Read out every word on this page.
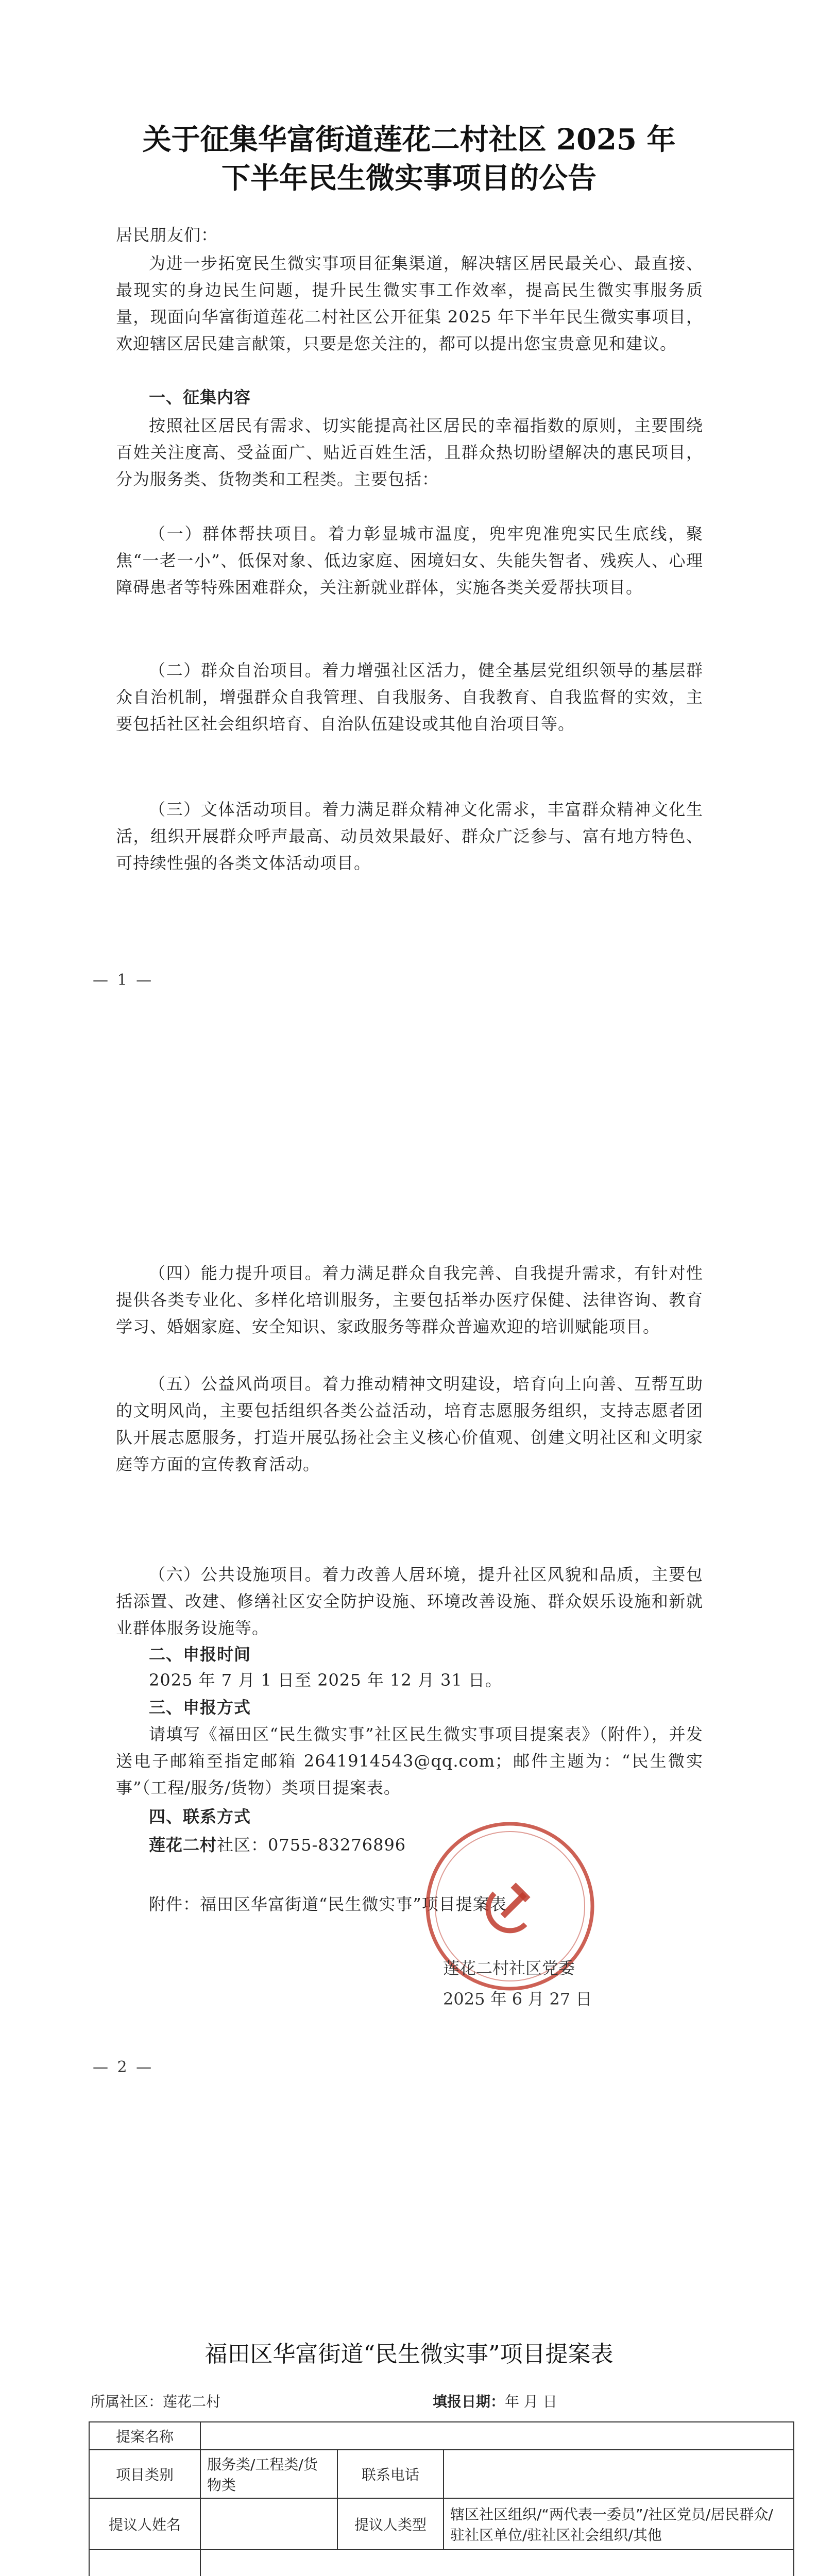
关于征集华富街道莲花二村社区 2025 年
下半年民生微实事项目的公告

居民朋友们：

为进一步拓宽民生微实事项目征集渠道，解决辖区居民最关心、最直接、最现实的身边民生问题，提升民生微实事工作效率，提高民生微实事服务质量，现面向华富街道莲花二村社区公开征集 2025 年下半年民生微实事项目，欢迎辖区居民建言献策，只要是您关注的，都可以提出您宝贵意见和建议。

一、征集内容

按照社区居民有需求、切实能提高社区居民的幸福指数的原则，主要围绕百姓关注度高、受益面广、贴近百姓生活，且群众热切盼望解决的惠民项目，分为服务类、货物类和工程类。主要包括：

（一）群体帮扶项目。着力彰显城市温度，兜牢兜准兜实民生底线，聚焦“一老一小”、低保对象、低边家庭、困境妇女、失能失智者、残疾人、心理障碍患者等特殊困难群众，关注新就业群体，实施各类关爱帮扶项目。

（二）群众自治项目。着力增强社区活力，健全基层党组织领导的基层群众自治机制，增强群众自我管理、自我服务、自我教育、自我监督的实效，主要包括社区社会组织培育、自治队伍建设或其他自治项目等。

（三）文体活动项目。着力满足群众精神文化需求，丰富群众精神文化生活，组织开展群众呼声最高、动员效果最好、群众广泛参与、富有地方特色、可持续性强的各类文体活动项目。

— 1 —

（四）能力提升项目。着力满足群众自我完善、自我提升需求，有针对性提供各类专业化、多样化培训服务，主要包括举办医疗保健、法律咨询、教育学习、婚姻家庭、安全知识、家政服务等群众普遍欢迎的培训赋能项目。

（五）公益风尚项目。着力推动精神文明建设，培育向上向善、互帮互助的文明风尚，主要包括组织各类公益活动，培育志愿服务组织，支持志愿者团队开展志愿服务，打造开展弘扬社会主义核心价值观、创建文明社区和文明家庭等方面的宣传教育活动。

（六）公共设施项目。着力改善人居环境，提升社区风貌和品质，主要包括添置、改建、修缮社区安全防护设施、环境改善设施、群众娱乐设施和新就业群体服务设施等。

二、申报时间

2025 年 7 月 1 日至 2025 年 12 月 31 日。

三、申报方式

请填写《福田区“民生微实事”社区民生微实事项目提案表》（附件），并发送电子邮箱至指定邮箱 2641914543@qq.com；邮件主题为：“民生微实事”（工程/服务/货物）类项目提案表。

四、联系方式

莲花二村社区：0755-83276896

附件：福田区华富街道“民生微实事”项目提案表

莲花二村社区党委
2025 年 6 月 27 日
— 2 —
福田区华富街道“民生微实事”项目提案表
所属社区：莲花二村	填报日期：年 月 日
提案名称				
项目类别	服务类/工程类/货物类	联系电话		
提议人姓名		提议人类型	辖区社区组织/“两代表一委员”/社区党员/居民群众/驻社区单位/驻社区社会组织/其他	
